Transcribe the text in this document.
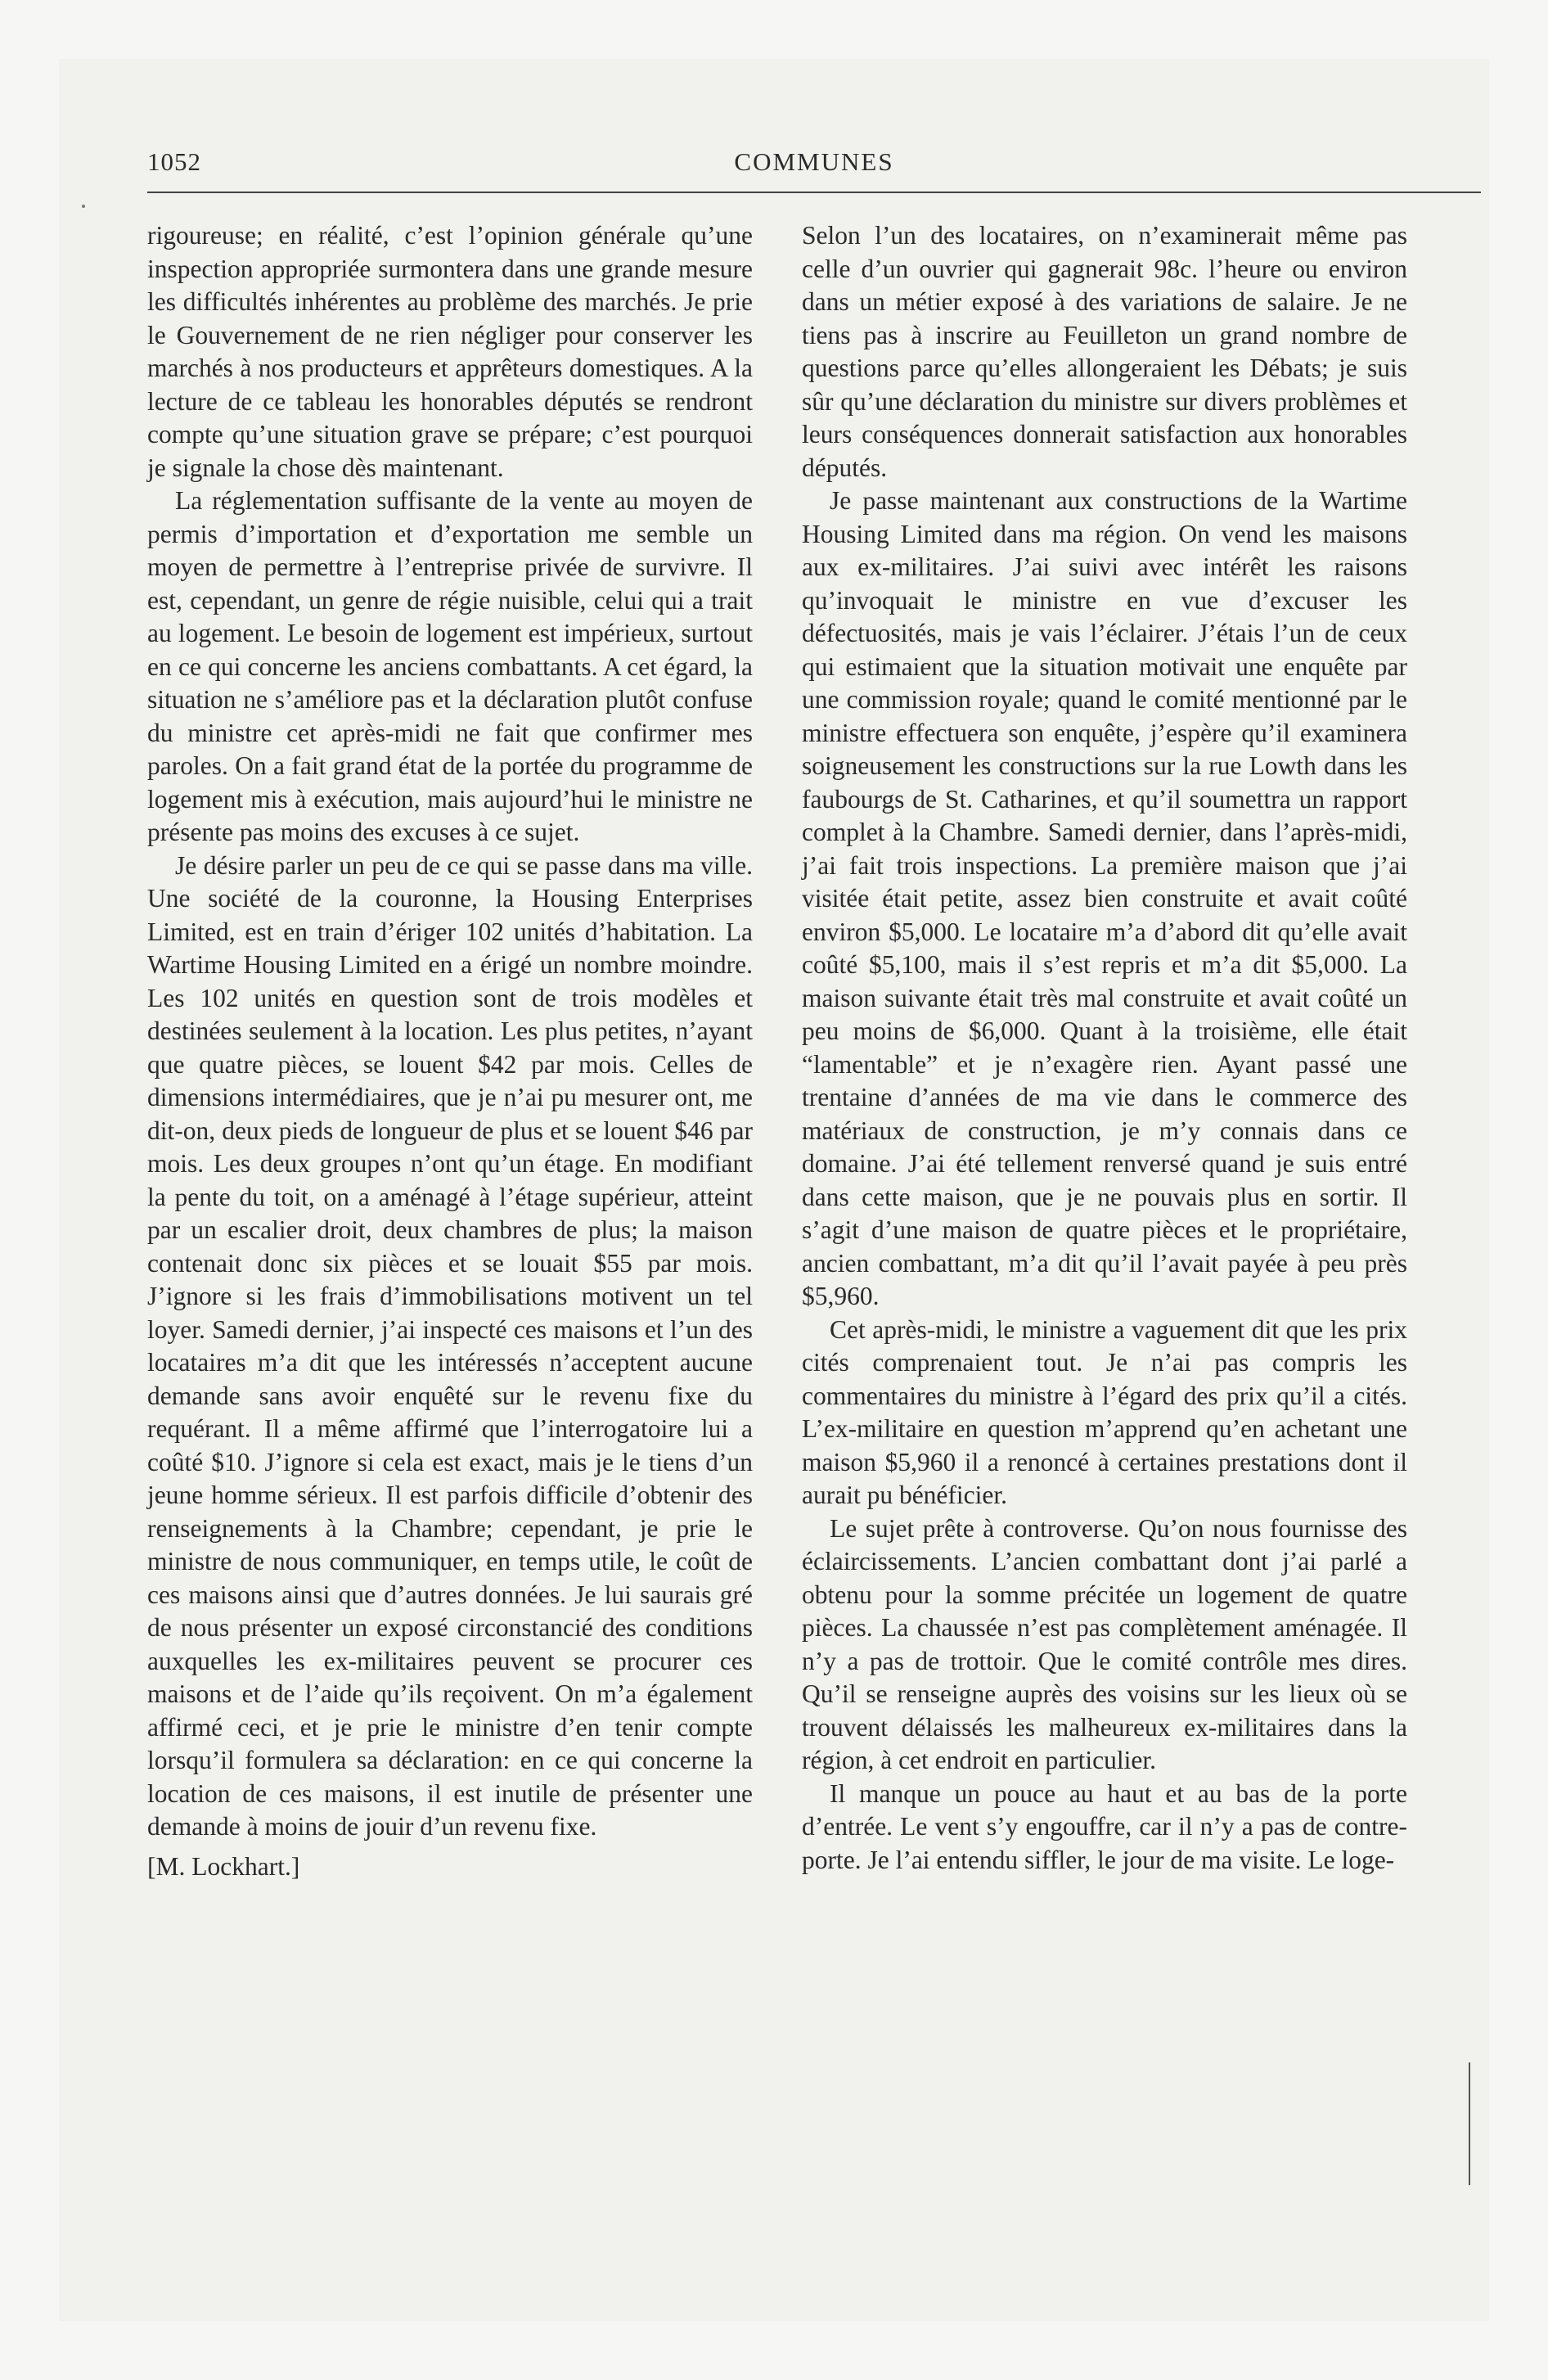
1052	COMMUNES

rigoureuse; en réalité, c’est l’opinion générale qu’une inspection appropriée surmontera dans une grande mesure les difficultés inhérentes au problème des marchés. Je prie le Gouvernement de ne rien négliger pour conserver les marchés à nos producteurs et apprêteurs domestiques. A la lecture de ce tableau les honorables députés se rendront compte qu’une situation grave se prépare; c’est pourquoi je signale la chose dès maintenant.

La réglementation suffisante de la vente au moyen de permis d’importation et d’exportation me semble un moyen de permettre à l’entreprise privée de survivre. Il est, cependant, un genre de régie nuisible, celui qui a trait au logement. Le besoin de logement est impérieux, surtout en ce qui concerne les anciens combattants. A cet égard, la situation ne s’améliore pas et la déclaration plutôt confuse du ministre cet après-midi ne fait que confirmer mes paroles. On a fait grand état de la portée du programme de logement mis à exécution, mais aujourd’hui le ministre ne présente pas moins des excuses à ce sujet.

Je désire parler un peu de ce qui se passe dans ma ville. Une société de la couronne, la Housing Enterprises Limited, est en train d’ériger 102 unités d’habitation. La Wartime Housing Limited en a érigé un nombre moindre. Les 102 unités en question sont de trois modèles et destinées seulement à la location. Les plus petites, n’ayant que quatre pièces, se louent $42 par mois. Celles de dimensions intermédiaires, que je n’ai pu mesurer ont, me dit-on, deux pieds de longueur de plus et se louent $46 par mois. Les deux groupes n’ont qu’un étage. En modifiant la pente du toit, on a aménagé à l’étage supérieur, atteint par un escalier droit, deux chambres de plus; la maison contenait donc six pièces et se louait $55 par mois. J’ignore si les frais d’immobilisations motivent un tel loyer. Samedi dernier, j’ai inspecté ces maisons et l’un des locataires m’a dit que les intéressés n’acceptent aucune demande sans avoir enquêté sur le revenu fixe du requérant. Il a même affirmé que l’interrogatoire lui a coûté $10. J’ignore si cela est exact, mais je le tiens d’un jeune homme sérieux. Il est parfois difficile d’obtenir des renseignements à la Chambre; cependant, je prie le ministre de nous communiquer, en temps utile, le coût de ces maisons ainsi que d’autres données. Je lui saurais gré de nous présenter un exposé circonstancié des conditions auxquelles les ex-militaires peuvent se procurer ces maisons et de l’aide qu’ils reçoivent. On m’a également affirmé ceci, et je prie le ministre d’en tenir compte lorsqu’il formulera sa déclaration: en ce qui concerne la location de ces maisons, il est inutile de présenter une demande à moins de jouir d’un revenu fixe.

[M. Lockhart.]

Selon l’un des locataires, on n’examinerait même pas celle d’un ouvrier qui gagnerait 98c. l’heure ou environ dans un métier exposé à des variations de salaire. Je ne tiens pas à inscrire au Feuilleton un grand nombre de questions parce qu’elles allongeraient les Débats; je suis sûr qu’une déclaration du ministre sur divers problèmes et leurs conséquences donnerait satisfaction aux honorables députés.

Je passe maintenant aux constructions de la Wartime Housing Limited dans ma région. On vend les maisons aux ex-militaires. J’ai suivi avec intérêt les raisons qu’invoquait le ministre en vue d’excuser les défectuosités, mais je vais l’éclairer. J’étais l’un de ceux qui estimaient que la situation motivait une enquête par une commission royale; quand le comité mentionné par le ministre effectuera son enquête, j’espère qu’il examinera soigneusement les constructions sur la rue Lowth dans les faubourgs de St. Catharines, et qu’il soumettra un rapport complet à la Chambre. Samedi dernier, dans l’après-midi, j’ai fait trois inspections. La première maison que j’ai visitée était petite, assez bien construite et avait coûté environ $5,000. Le locataire m’a d’abord dit qu’elle avait coûté $5,100, mais il s’est repris et m’a dit $5,000. La maison suivante était très mal construite et avait coûté un peu moins de $6,000. Quant à la troisième, elle était “lamentable” et je n’exagère rien. Ayant passé une trentaine d’années de ma vie dans le commerce des matériaux de construction, je m’y connais dans ce domaine. J’ai été tellement renversé quand je suis entré dans cette maison, que je ne pouvais plus en sortir. Il s’agit d’une maison de quatre pièces et le propriétaire, ancien combattant, m’a dit qu’il l’avait payée à peu près $5,960.

Cet après-midi, le ministre a vaguement dit que les prix cités comprenaient tout. Je n’ai pas compris les commentaires du ministre à l’égard des prix qu’il a cités. L’ex-militaire en question m’apprend qu’en achetant une maison $5,960 il a renoncé à certaines prestations dont il aurait pu bénéficier.

Le sujet prête à controverse. Qu’on nous fournisse des éclaircissements. L’ancien combattant dont j’ai parlé a obtenu pour la somme précitée un logement de quatre pièces. La chaussée n’est pas complètement aménagée. Il n’y a pas de trottoir. Que le comité contrôle mes dires. Qu’il se renseigne auprès des voisins sur les lieux où se trouvent délaissés les malheureux ex-militaires dans la région, à cet endroit en particulier.

Il manque un pouce au haut et au bas de la porte d’entrée. Le vent s’y engouffre, car il n’y a pas de contre-porte. Je l’ai entendu siffler, le jour de ma visite. Le loge-
